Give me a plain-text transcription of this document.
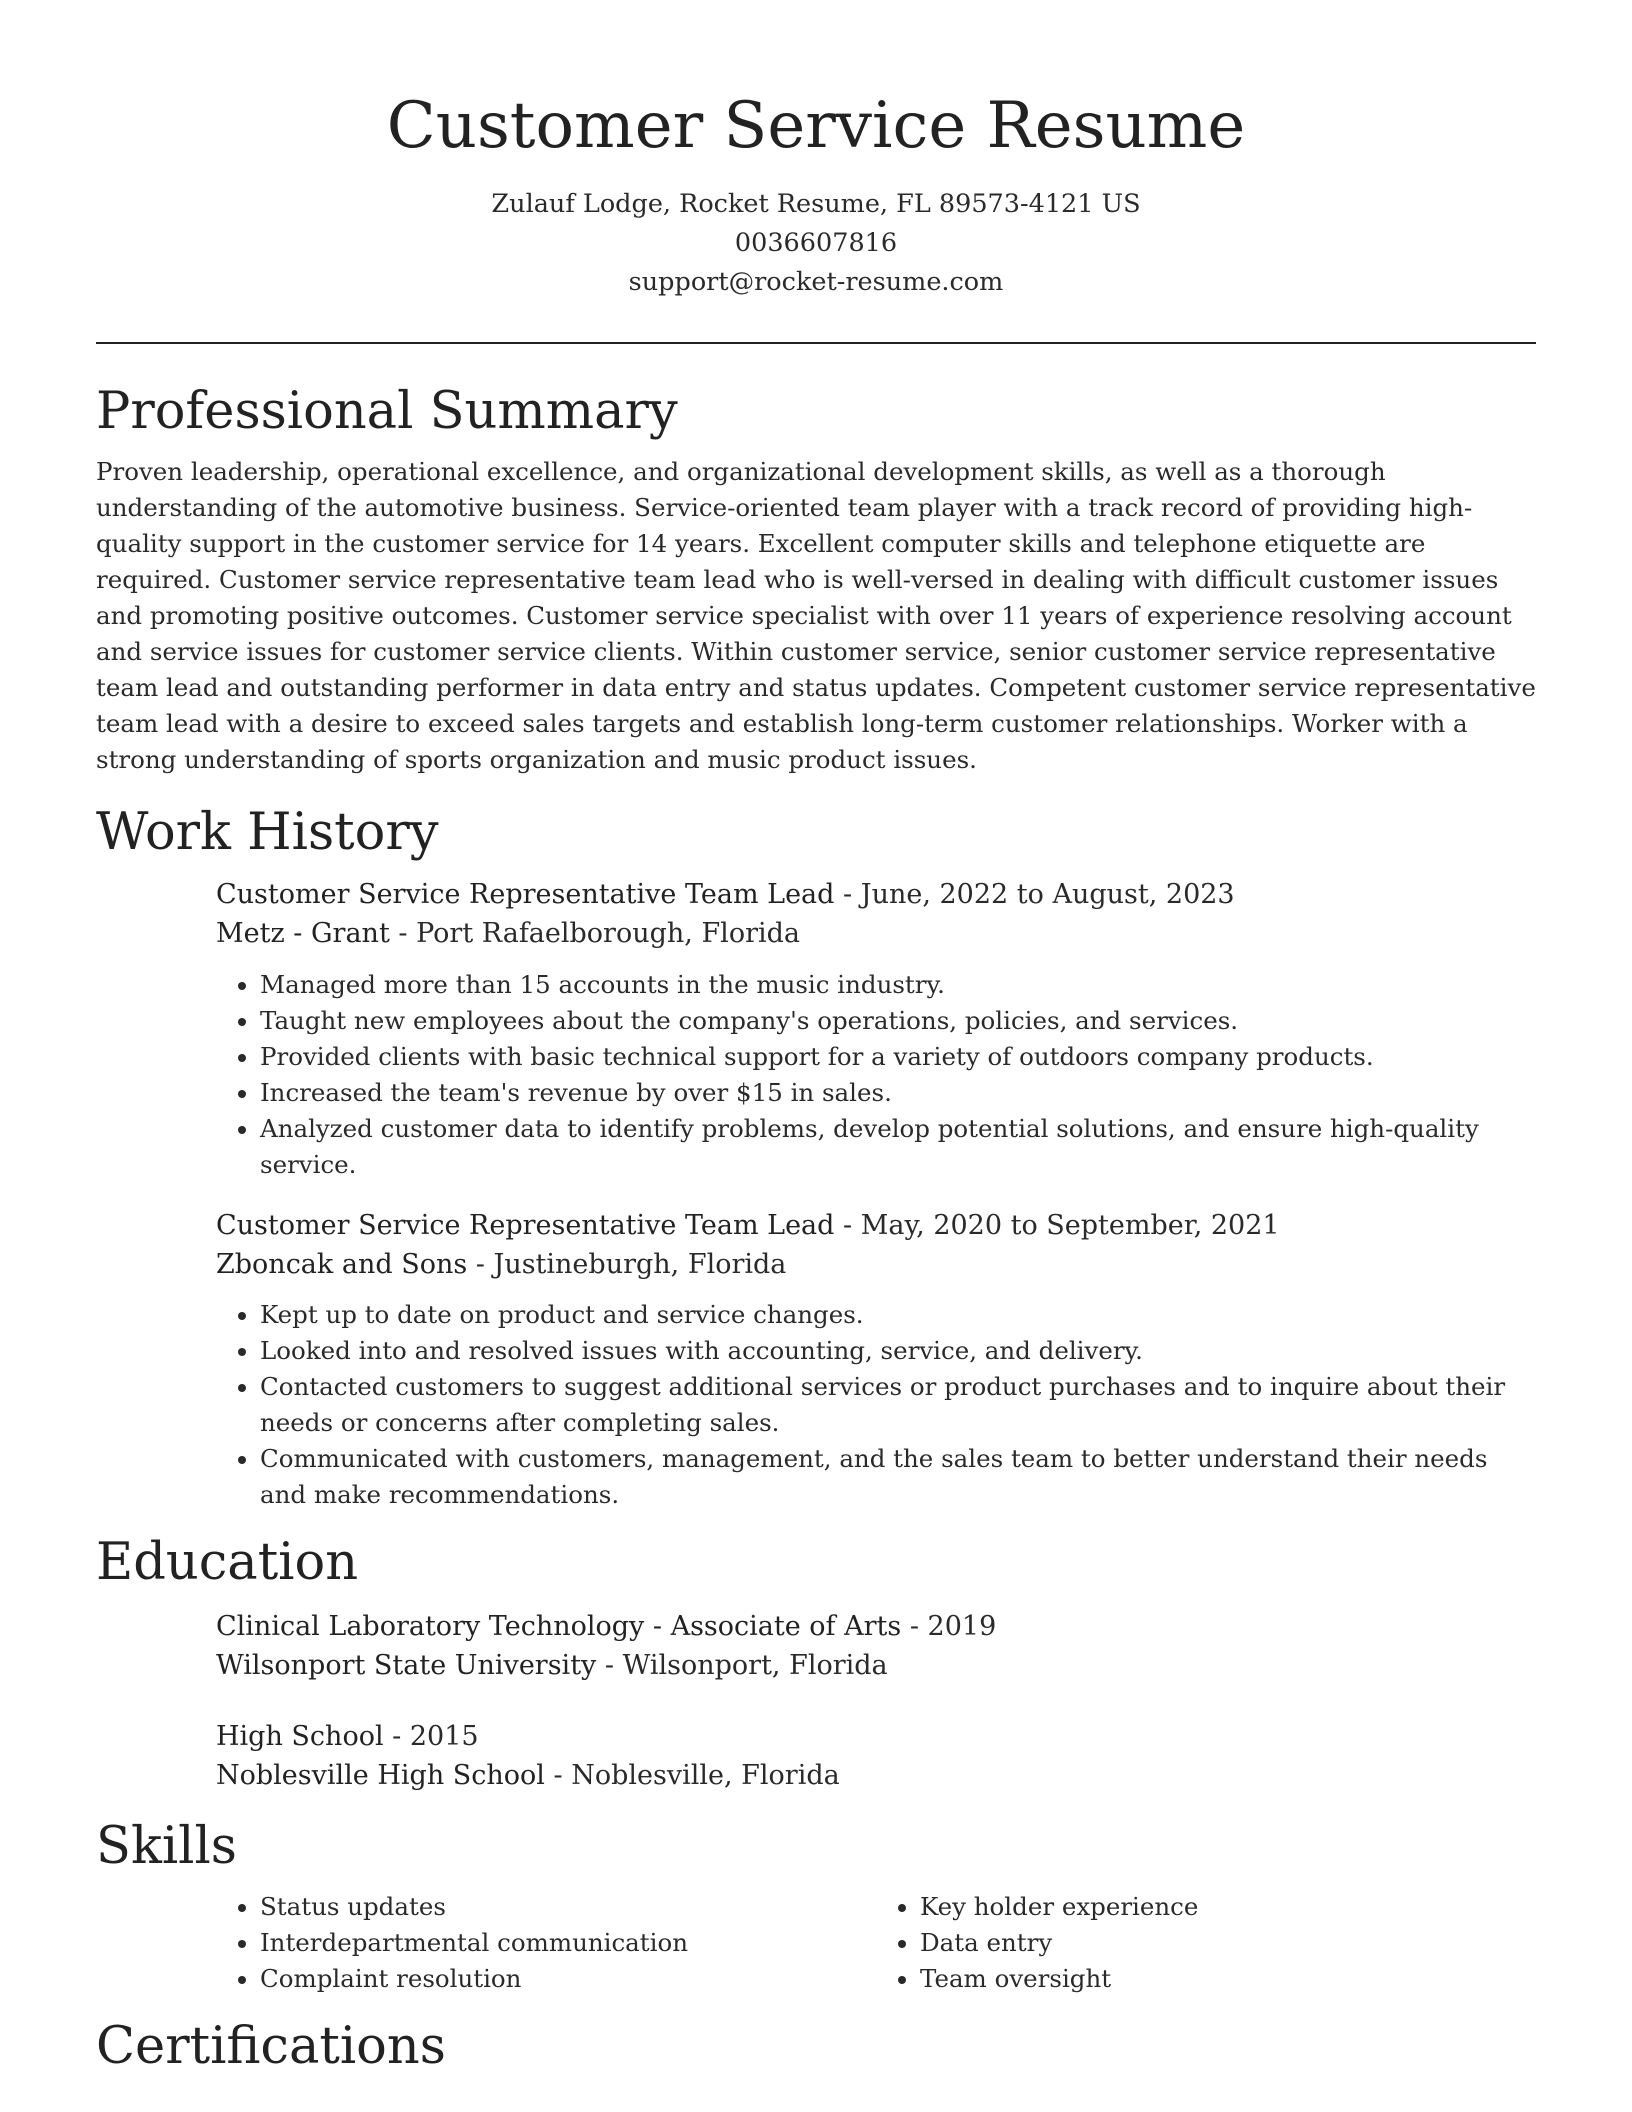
Customer Service Resume
Zulauf Lodge, Rocket Resume, FL 89573-4121 US
0036607816
support@rocket-resume.com
Professional Summary

Proven leadership, operational excellence, and organizational development skills, as well as a thorough understanding of the automotive business. Service-oriented team player with a track record of providing high-quality support in the customer service for 14 years. Excellent computer skills and telephone etiquette are required. Customer service representative team lead who is well-versed in dealing with difficult customer issues and promoting positive outcomes. Customer service specialist with over 11 years of experience resolving account and service issues for customer service clients. Within customer service, senior customer service representative team lead and outstanding performer in data entry and status updates. Competent customer service representative team lead with a desire to exceed sales targets and establish long-term customer relationships. Worker with a strong understanding of sports organization and music product issues.

Work History
Customer Service Representative Team Lead - June, 2022 to August, 2023
Metz - Grant - Port Rafaelborough, Florida
• Managed more than 15 accounts in the music industry.
• Taught new employees about the company's operations, policies, and services.
• Provided clients with basic technical support for a variety of outdoors company products.
• Increased the team's revenue by over $15 in sales.
• Analyzed customer data to identify problems, develop potential solutions, and ensure high-quality service.
Customer Service Representative Team Lead - May, 2020 to September, 2021
Zboncak and Sons - Justineburgh, Florida
• Kept up to date on product and service changes.
• Looked into and resolved issues with accounting, service, and delivery.
• Contacted customers to suggest additional services or product purchases and to inquire about their needs or concerns after completing sales.
• Communicated with customers, management, and the sales team to better understand their needs and make recommendations.
Education
Clinical Laboratory Technology - Associate of Arts - 2019
Wilsonport State University - Wilsonport, Florida
High School - 2015
Noblesville High School - Noblesville, Florida
Skills
• Status updates
• Interdepartmental communication
• Complaint resolution
• Key holder experience
• Data entry
• Team oversight
Certifications
